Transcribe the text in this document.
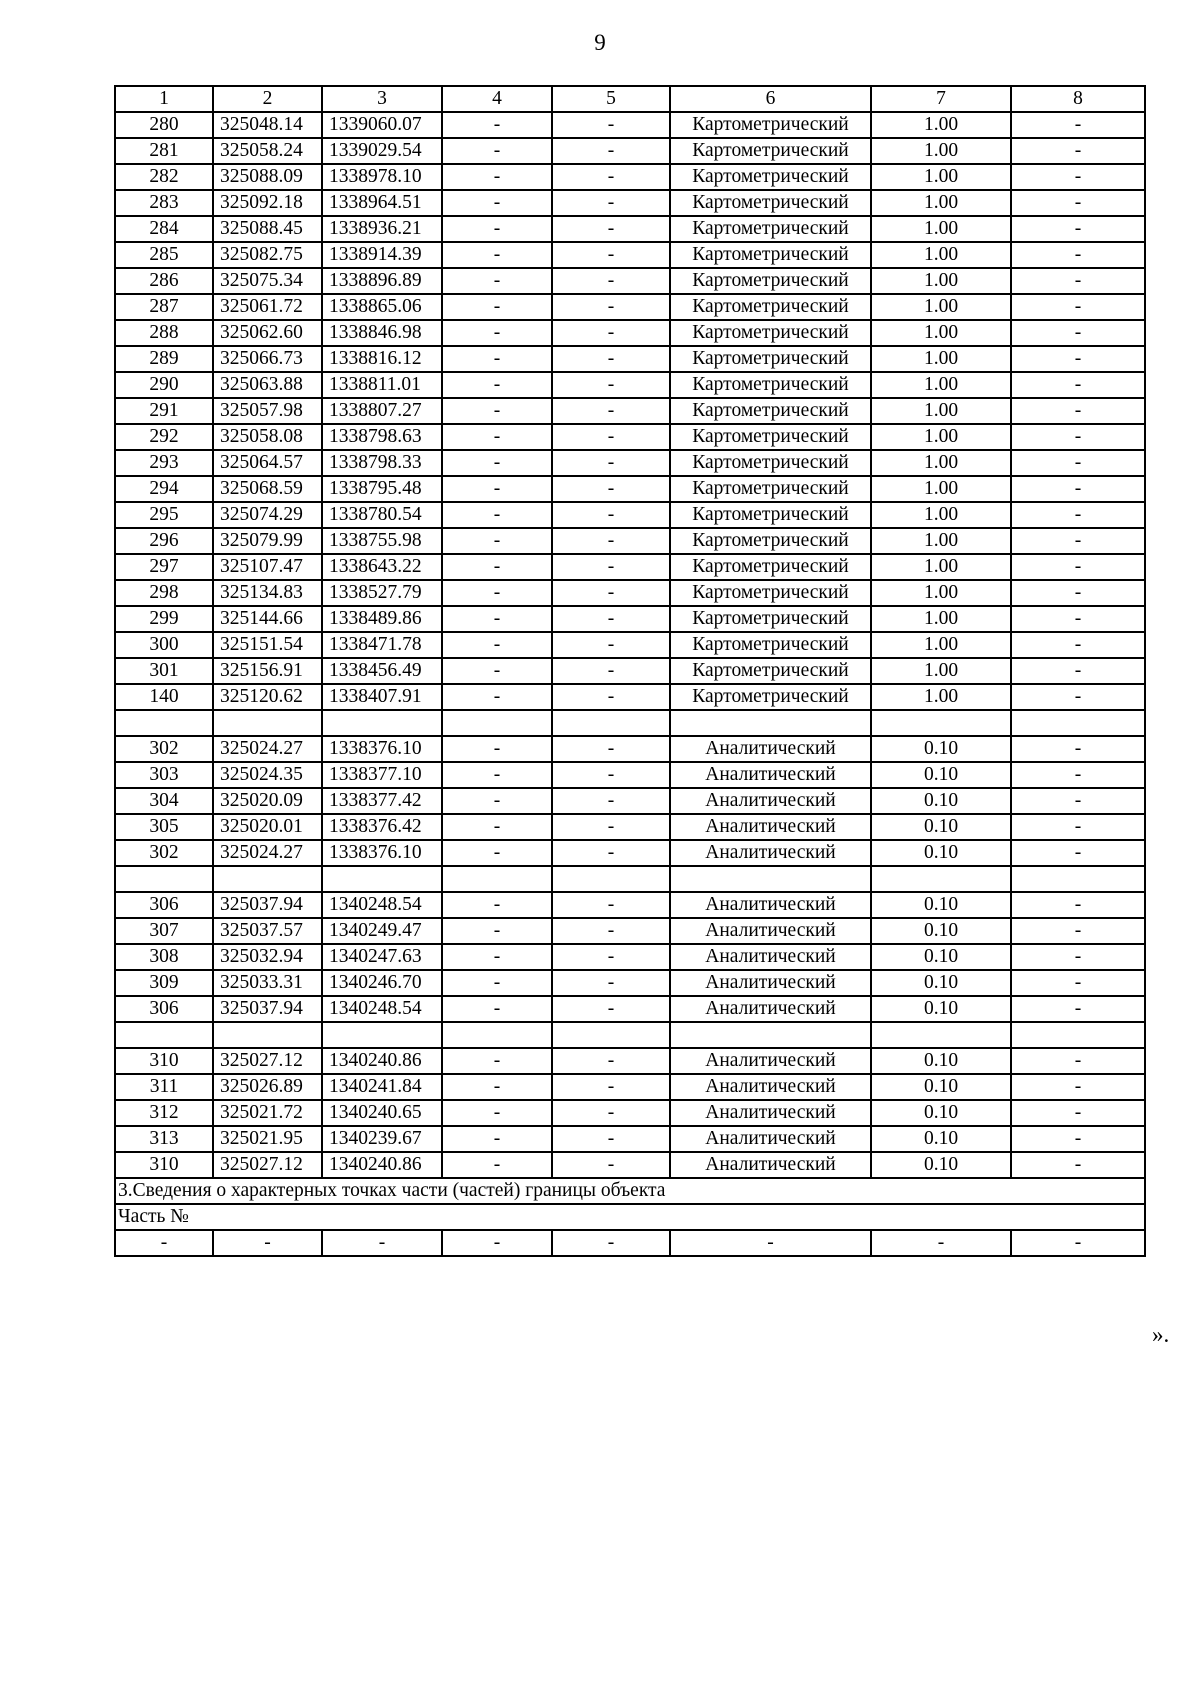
9
1	2	3	4	5	6	7	8
280	325048.14	1339060.07	-	-	Картометрический	1.00	-
281	325058.24	1339029.54	-	-	Картометрический	1.00	-
282	325088.09	1338978.10	-	-	Картометрический	1.00	-
283	325092.18	1338964.51	-	-	Картометрический	1.00	-
284	325088.45	1338936.21	-	-	Картометрический	1.00	-
285	325082.75	1338914.39	-	-	Картометрический	1.00	-
286	325075.34	1338896.89	-	-	Картометрический	1.00	-
287	325061.72	1338865.06	-	-	Картометрический	1.00	-
288	325062.60	1338846.98	-	-	Картометрический	1.00	-
289	325066.73	1338816.12	-	-	Картометрический	1.00	-
290	325063.88	1338811.01	-	-	Картометрический	1.00	-
291	325057.98	1338807.27	-	-	Картометрический	1.00	-
292	325058.08	1338798.63	-	-	Картометрический	1.00	-
293	325064.57	1338798.33	-	-	Картометрический	1.00	-
294	325068.59	1338795.48	-	-	Картометрический	1.00	-
295	325074.29	1338780.54	-	-	Картометрический	1.00	-
296	325079.99	1338755.98	-	-	Картометрический	1.00	-
297	325107.47	1338643.22	-	-	Картометрический	1.00	-
298	325134.83	1338527.79	-	-	Картометрический	1.00	-
299	325144.66	1338489.86	-	-	Картометрический	1.00	-
300	325151.54	1338471.78	-	-	Картометрический	1.00	-
301	325156.91	1338456.49	-	-	Картометрический	1.00	-
140	325120.62	1338407.91	-	-	Картометрический	1.00	-

302	325024.27	1338376.10	-	-	Аналитический	0.10	-
303	325024.35	1338377.10	-	-	Аналитический	0.10	-
304	325020.09	1338377.42	-	-	Аналитический	0.10	-
305	325020.01	1338376.42	-	-	Аналитический	0.10	-
302	325024.27	1338376.10	-	-	Аналитический	0.10	-

306	325037.94	1340248.54	-	-	Аналитический	0.10	-
307	325037.57	1340249.47	-	-	Аналитический	0.10	-
308	325032.94	1340247.63	-	-	Аналитический	0.10	-
309	325033.31	1340246.70	-	-	Аналитический	0.10	-
306	325037.94	1340248.54	-	-	Аналитический	0.10	-

310	325027.12	1340240.86	-	-	Аналитический	0.10	-
311	325026.89	1340241.84	-	-	Аналитический	0.10	-
312	325021.72	1340240.65	-	-	Аналитический	0.10	-
313	325021.95	1340239.67	-	-	Аналитический	0.10	-
310	325027.12	1340240.86	-	-	Аналитический	0.10	-
3.Сведения о характерных точках части (частей) границы объекта							
Часть №							
-	-	-	-	-	-	-	-
».
